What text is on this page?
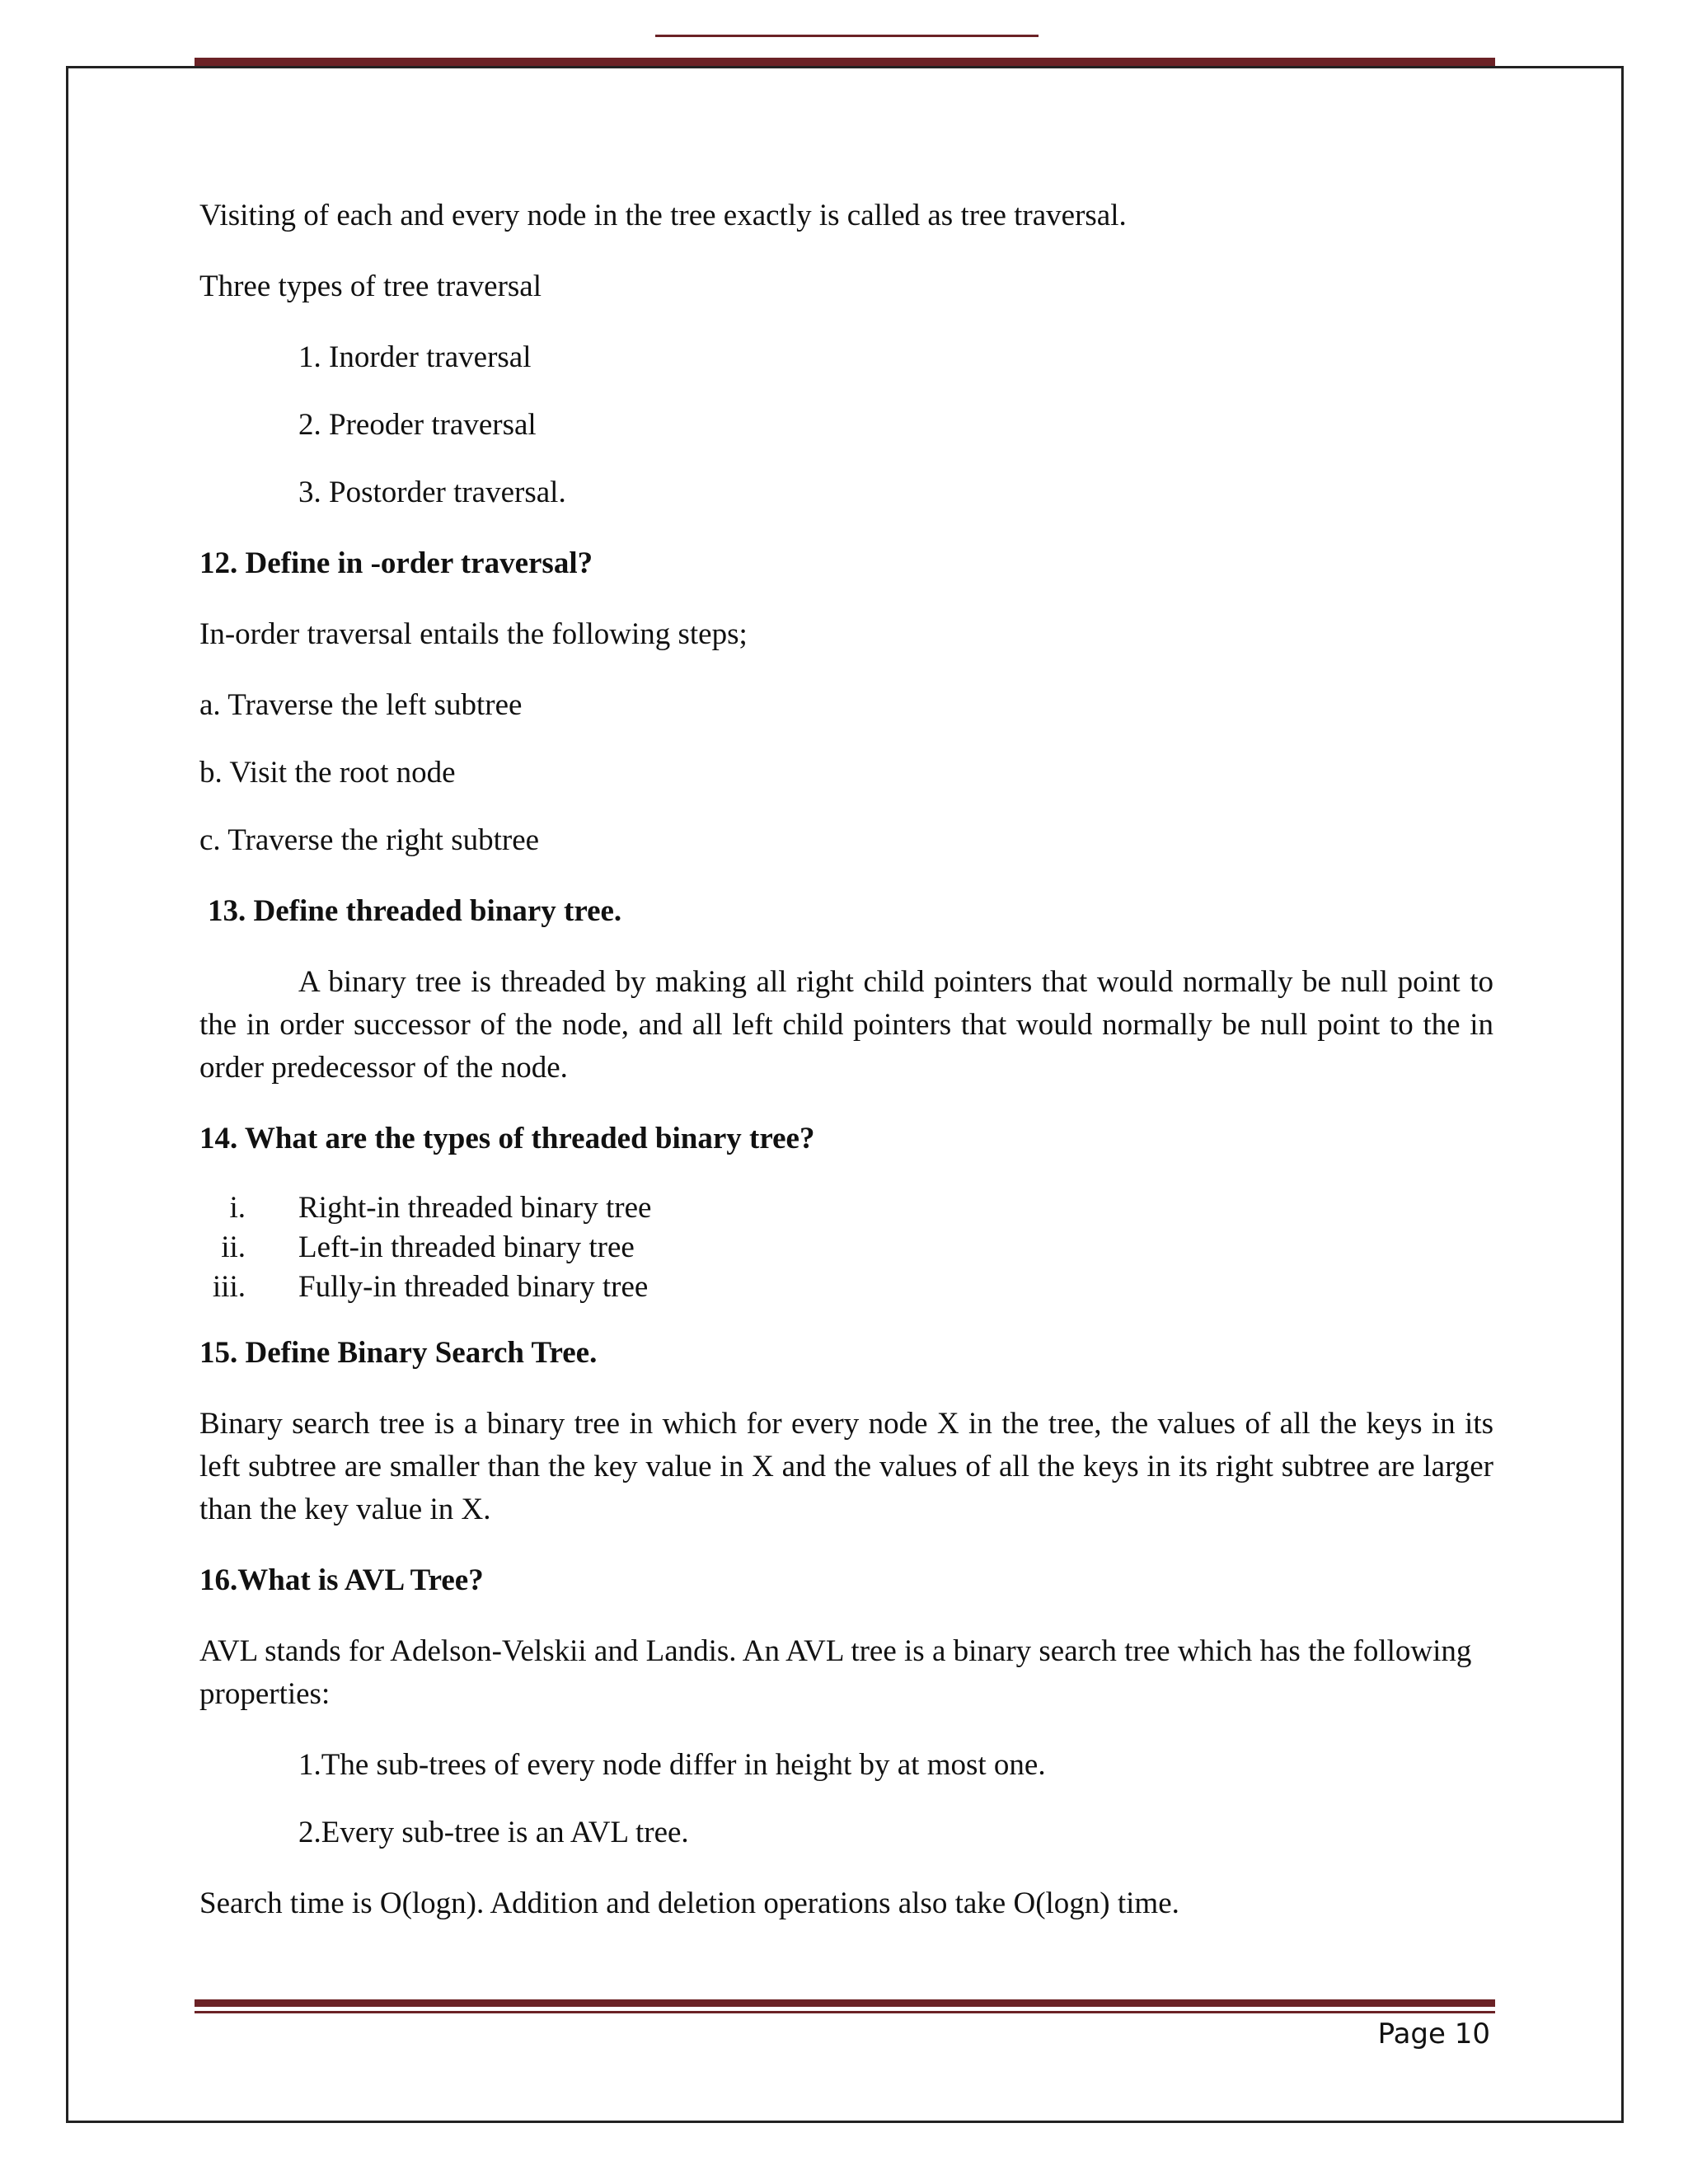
Visiting of each and every node in the tree exactly is called as tree traversal.

Three types of tree traversal

1. Inorder traversal

2. Preoder traversal

3. Postorder traversal.

12. Define in -order traversal?

In-order traversal entails the following steps;

a. Traverse the left subtree

b. Visit the root node

c. Traverse the right subtree

13. Define threaded binary tree.

A binary tree is threaded by making all right child pointers that would normally be null point to the in order successor of the node, and all left child pointers that would normally be null point to the in order predecessor of the node.

14. What are the types of threaded binary tree?

i. Right-in threaded binary tree
ii. Left-in threaded binary tree
iii. Fully-in threaded binary tree

15. Define Binary Search Tree.

Binary search tree is a binary tree in which for every node X in the tree, the values of all the keys in its left subtree are smaller than the key value in X and the values of all the keys in its right subtree are larger than the key value in X.

16.What is AVL Tree?

AVL stands for Adelson-Velskii and Landis. An AVL tree is a binary search tree which has the following properties:

1.The sub-trees of every node differ in height by at most one.

2.Every sub-tree is an AVL tree.

Search time is O(logn). Addition and deletion operations also take O(logn) time.

Page 10
